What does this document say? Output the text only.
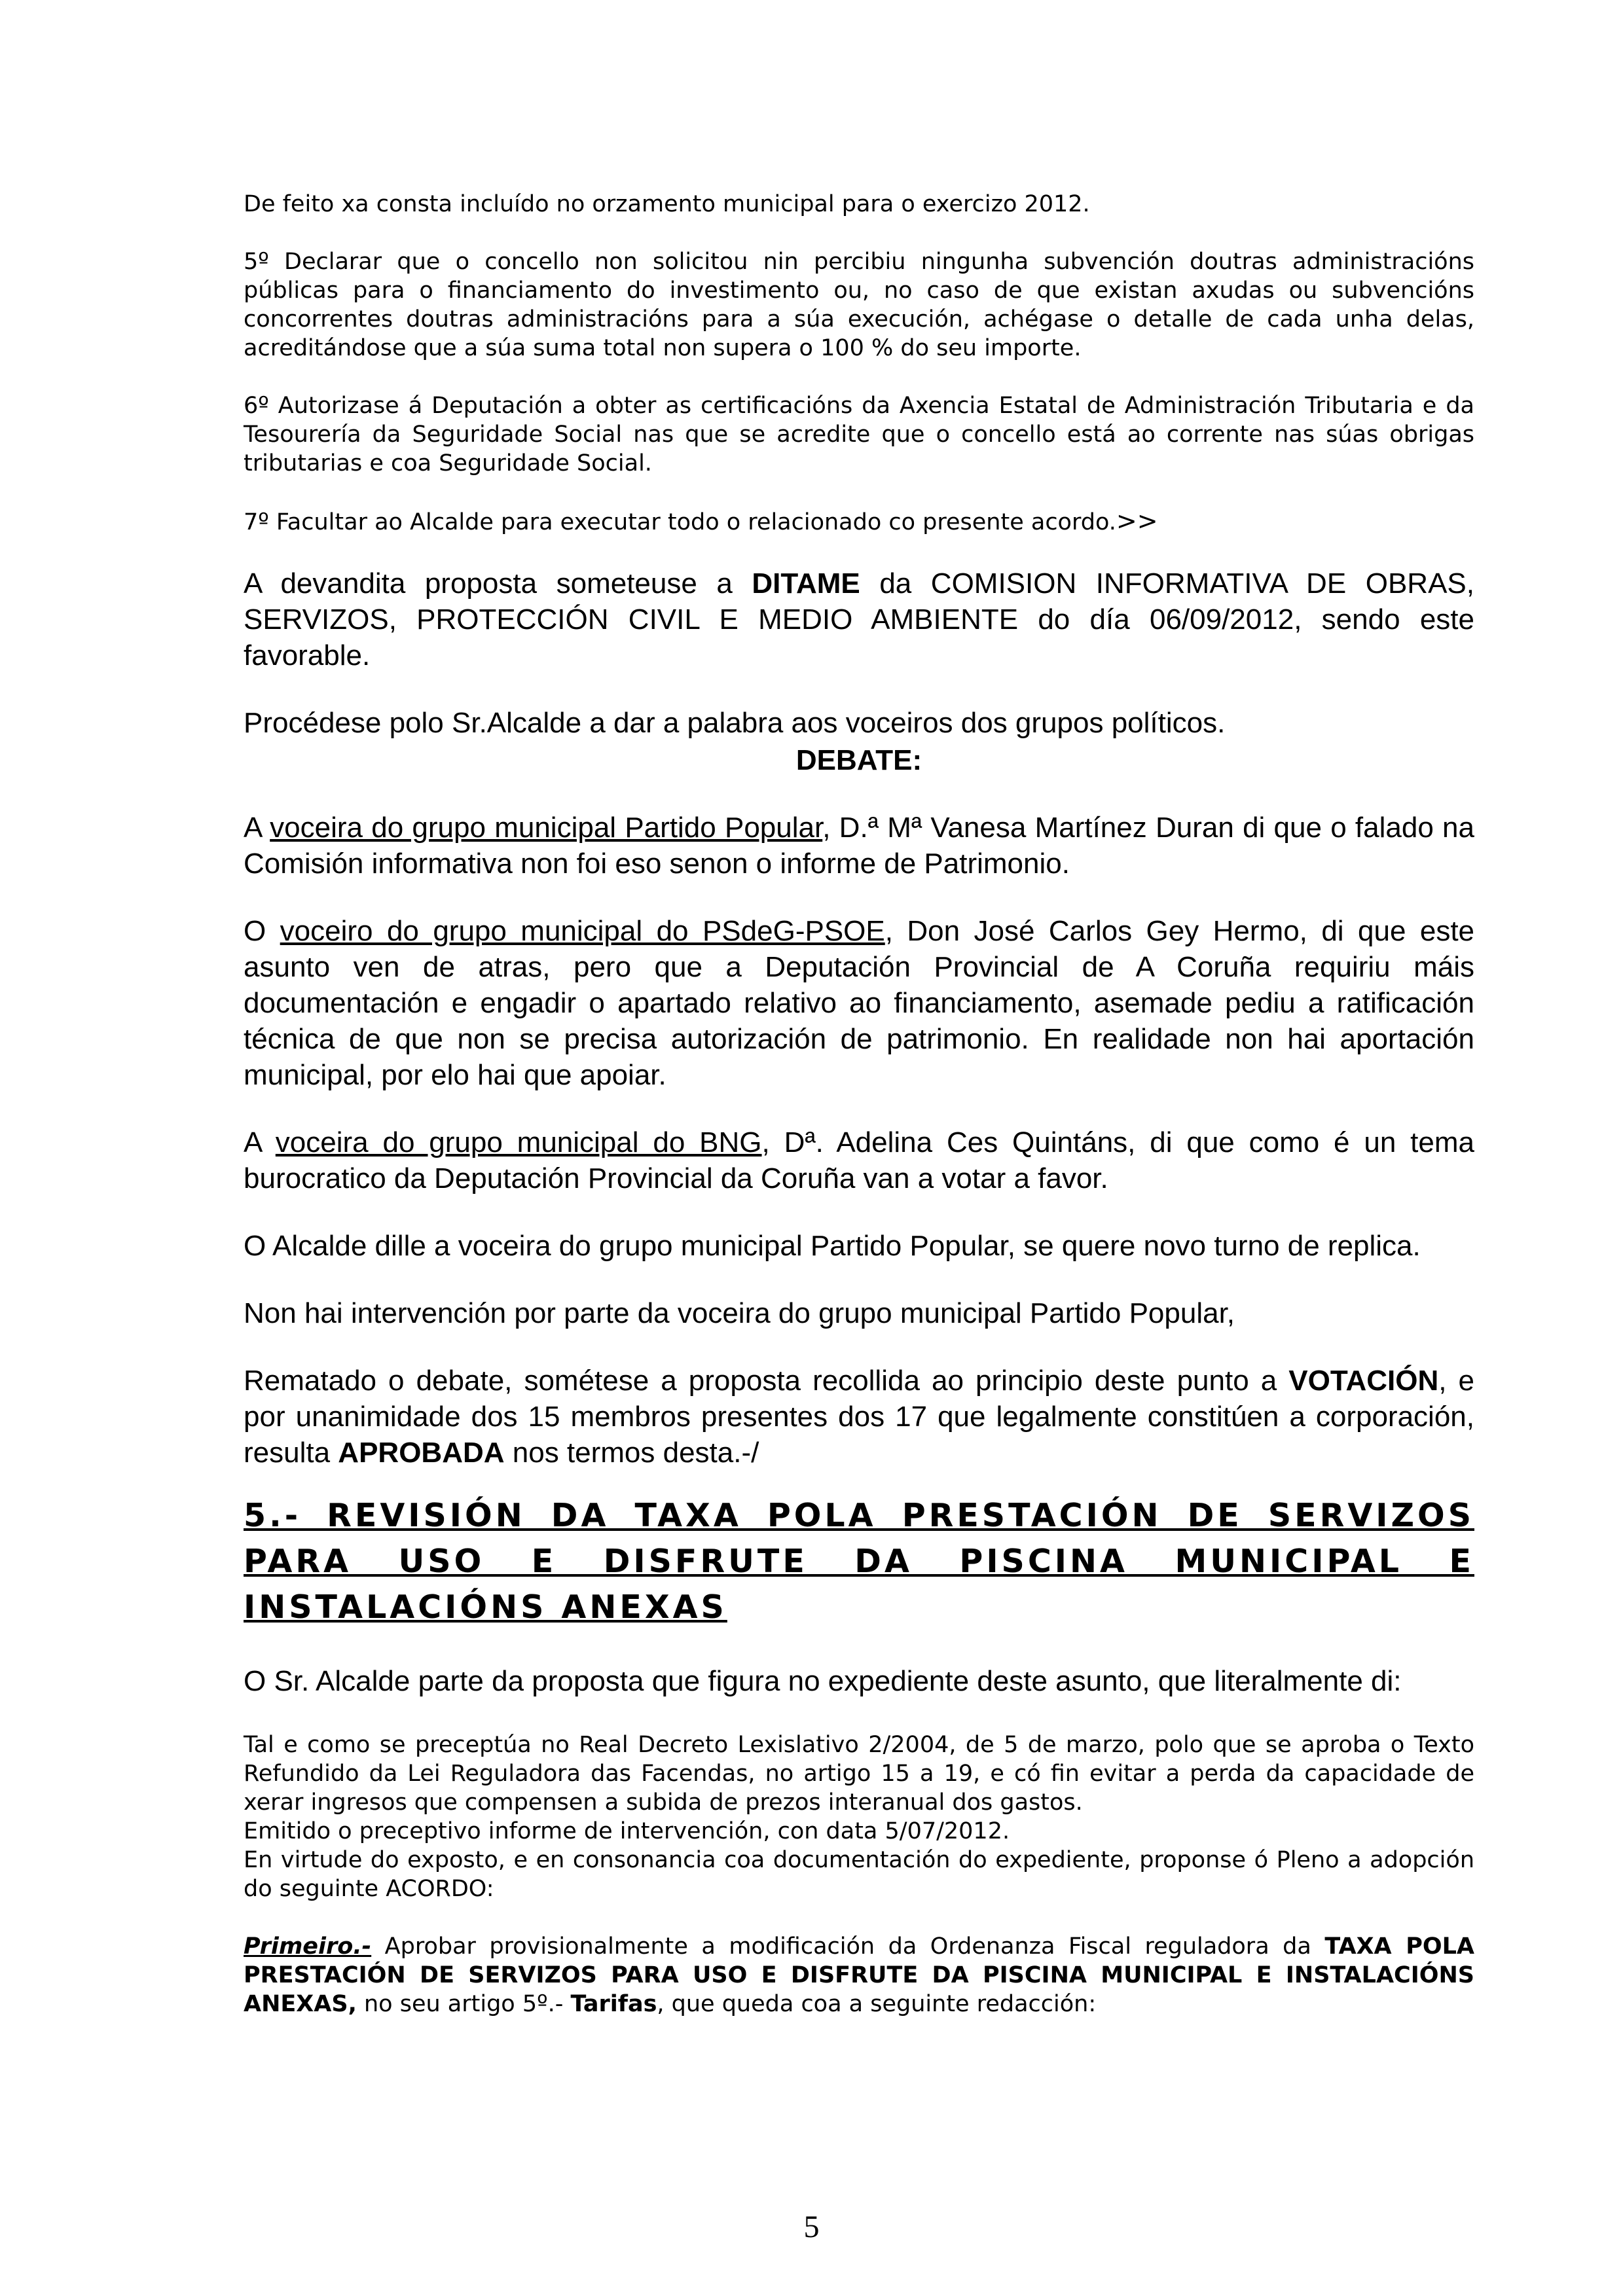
De feito xa consta incluído no orzamento municipal para o exercizo 2012.

5º Declarar que o concello non solicitou nin percibiu ningunha subvención doutras administracións públicas para o financiamento do investimento ou, no caso de que existan axudas ou subvencións concorrentes doutras administracións para a súa execución, achégase o detalle de cada unha delas, acreditándose que a súa suma total non supera o 100 % do seu importe.

6º Autorizase á Deputación a obter as certificacións da Axencia Estatal de Administración Tributaria e da Tesourería da Seguridade Social nas que se acredite que o concello está ao corrente nas súas obrigas tributarias e coa Seguridade Social.

7º Facultar ao Alcalde para executar todo o relacionado co presente acordo.>>

A devandita proposta someteuse a DITAME da COMISION INFORMATIVA DE OBRAS, SERVIZOS, PROTECCIÓN CIVIL E MEDIO AMBIENTE do día 06/09/2012, sendo este favorable.

Procédese polo Sr.Alcalde a dar a palabra aos voceiros dos grupos políticos.

DEBATE:

A voceira do grupo municipal Partido Popular, D.ª Mª Vanesa Martínez Duran di que o falado na Comisión informativa non foi eso senon o informe de Patrimonio.

O voceiro do grupo municipal do PSdeG-PSOE, Don José Carlos Gey Hermo, di que este asunto ven de atras, pero que a Deputación Provincial de A Coruña requiriu máis documentación e engadir o apartado relativo ao financiamento, asemade pediu a ratificación técnica de que non se precisa autorización de patrimonio. En realidade non hai aportación municipal, por elo hai que apoiar.

A voceira do grupo municipal do BNG, Dª. Adelina Ces Quintáns, di que como é un tema burocratico da Deputación Provincial da Coruña van a votar a favor.

O Alcalde dille a voceira do grupo municipal Partido Popular, se quere novo turno de replica.

Non hai intervención por parte da voceira do grupo municipal Partido Popular,

Rematado o debate, sométese a proposta recollida ao principio deste punto a VOTACIÓN, e por unanimidade dos 15 membros presentes dos 17 que legalmente constitúen a corporación, resulta APROBADA nos termos desta.-/

5.- REVISIÓN DA TAXA POLA PRESTACIÓN DE SERVIZOS PARA USO E DISFRUTE DA PISCINA MUNICIPAL E INSTALACIÓNS ANEXAS

O Sr. Alcalde parte da proposta que figura no expediente deste asunto, que literalmente di:

Tal e como se preceptúa no Real Decreto Lexislativo 2/2004, de 5 de marzo, polo que se aproba o Texto Refundido da Lei Reguladora das Facendas, no artigo 15 a 19, e có fin evitar a perda da capacidade de xerar ingresos que compensen a subida de prezos interanual dos gastos.

Emitido o preceptivo informe de intervención, con data 5/07/2012.

En virtude do exposto, e en consonancia coa documentación do expediente, proponse ó Pleno a adopción do seguinte ACORDO:

Primeiro.- Aprobar provisionalmente a modificación da Ordenanza Fiscal reguladora da TAXA POLA PRESTACIÓN DE SERVIZOS PARA USO E DISFRUTE DA PISCINA MUNICIPAL E INSTALACIÓNS ANEXAS, no seu artigo 5º.- Tarifas, que queda coa a seguinte redacción:

5
